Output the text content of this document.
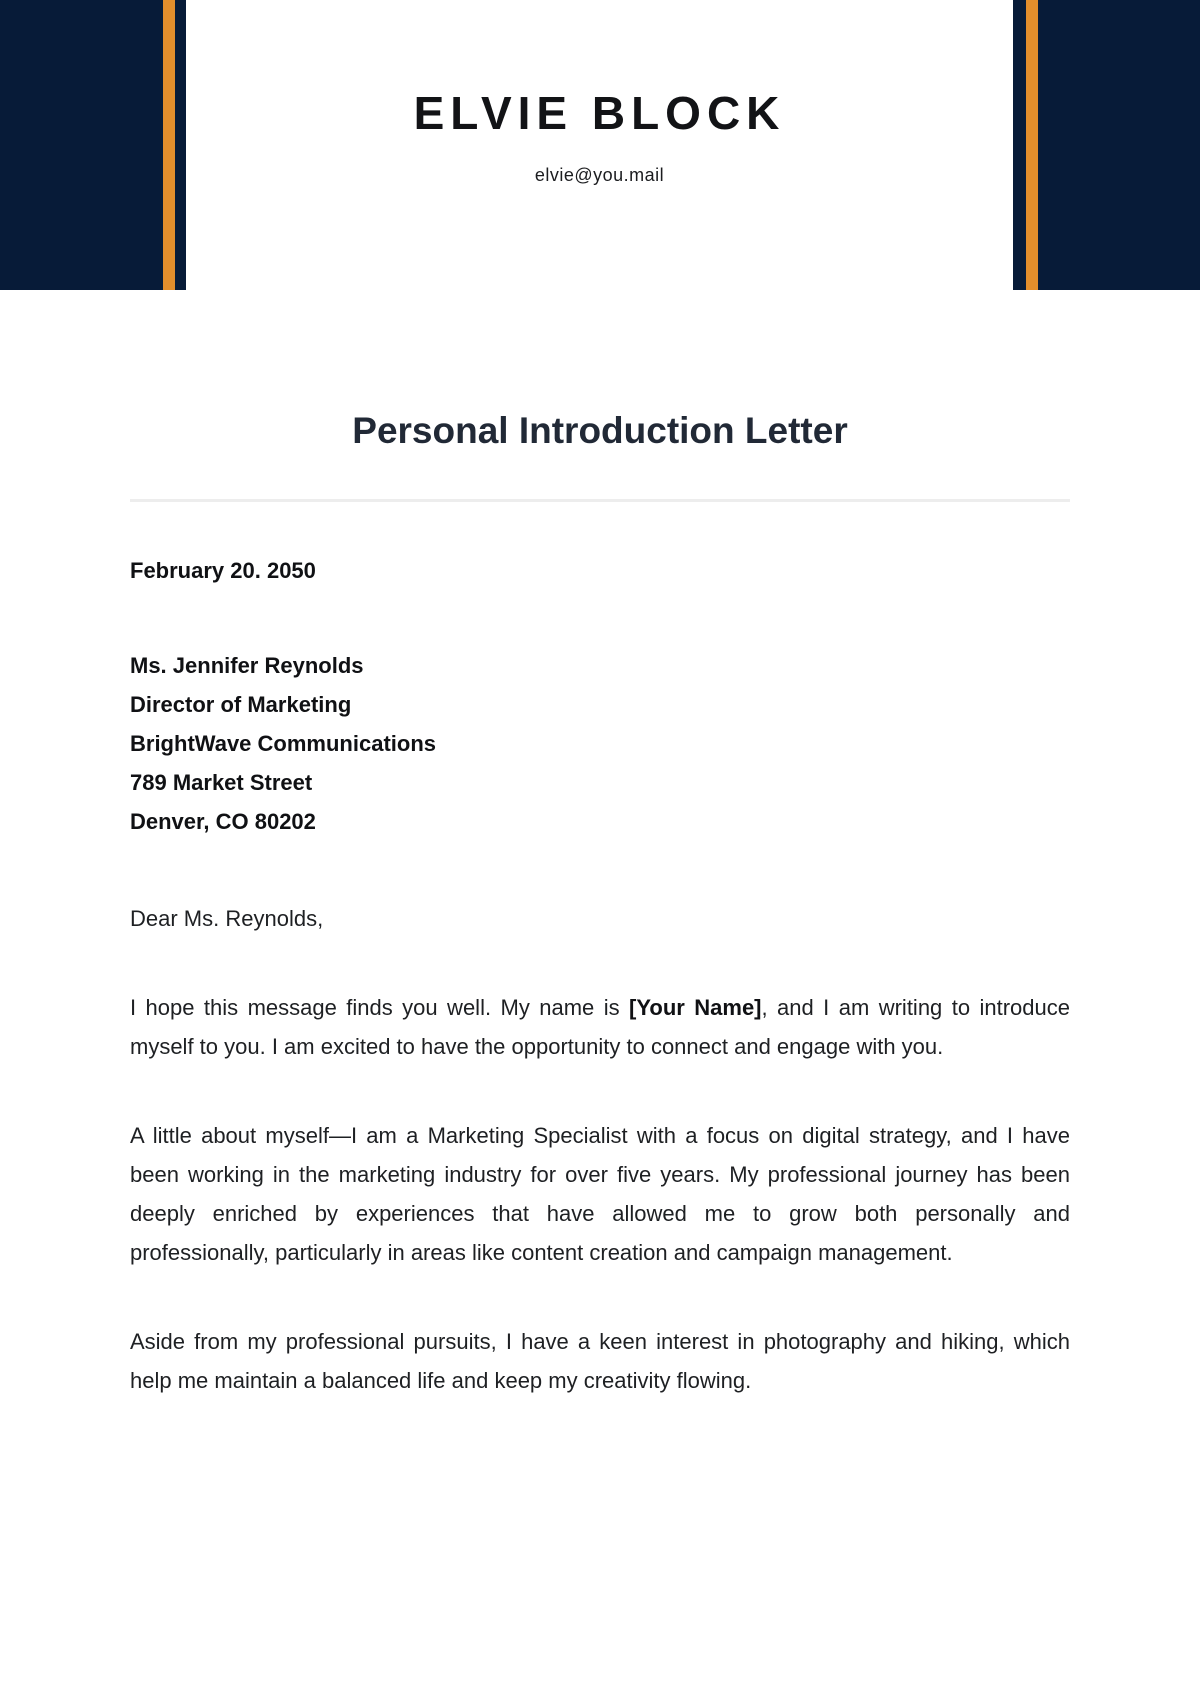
ELVIE BLOCK

elvie@you.mail

Personal Introduction Letter

February 20. 2050

Ms. Jennifer Reynolds
Director of Marketing
BrightWave Communications
789 Market Street
Denver, CO 80202

Dear Ms. Reynolds,

I hope this message finds you well. My name is [Your Name], and I am writing to introduce myself to you. I am excited to have the opportunity to connect and engage with you.

A little about myself—I am a Marketing Specialist with a focus on digital strategy, and I have been working in the marketing industry for over five years. My professional journey has been deeply enriched by experiences that have allowed me to grow both personally and professionally, particularly in areas like content creation and campaign management.

Aside from my professional pursuits, I have a keen interest in photography and hiking, which help me maintain a balanced life and keep my creativity flowing.
